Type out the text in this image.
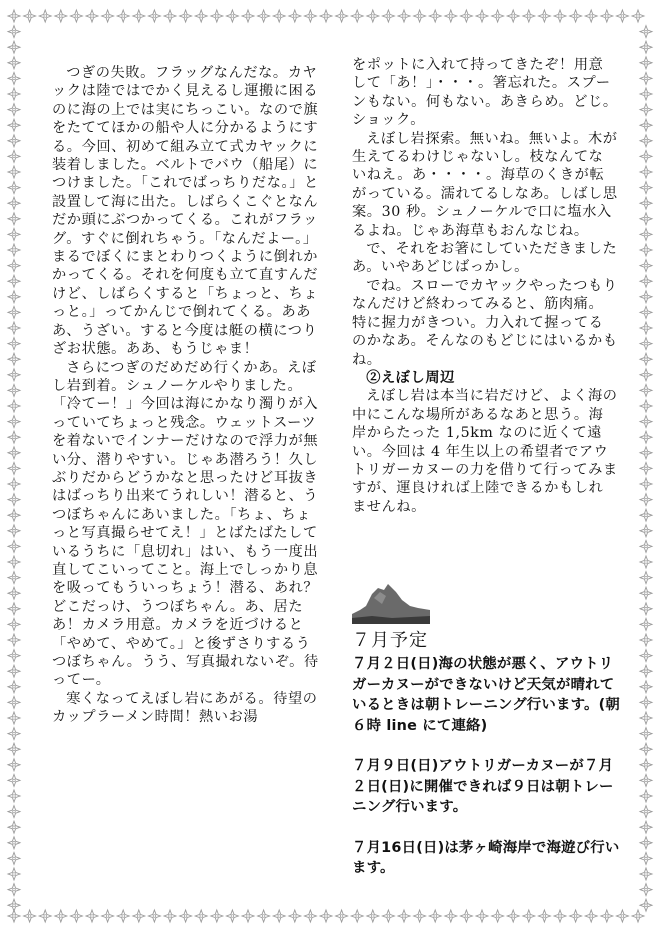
つぎの失敗。フラッグなんだな。カヤックは陸ではでかく見えるし運搬に困るのに海の上では実にちっこい。なので旗をたててほかの船や人に分かるようにする。今回、初めて組み立て式カヤックに装着しました。ベルトでバウ（船尾）につけました。「これでばっちりだな。」と設置して海に出た。しばらくこぐとなんだか頭にぶつかってくる。これがフラッグ。すぐに倒れちゃう。「なんだよー。」まるでぼくにまとわりつくように倒れかかってくる。それを何度も立て直すんだけど、しばらくすると「ちょっと、ちょっと。」ってかんじで倒れてくる。あああ、うざい。すると今度は艇の横につりざお状態。ああ、もうじゃま！

さらにつぎのだめだめ行くかあ。えぼし岩到着。シュノーケルやりました。「冷てー！」今回は海にかなり濁りが入っていてちょっと残念。ウェットスーツを着ないでインナーだけなので浮力が無い分、潜りやすい。じゃあ潜ろう！久しぶりだからどうかなと思ったけど耳抜きはばっちり出来てうれしい！潜ると、うつぼちゃんにあいました。「ちょ、ちょっと写真撮らせてえ！」とばたばたしているうちに「息切れ」はい、もう一度出直してこいってこと。海上でしっかり息を吸ってもういっちょう！潜る、あれ？どこだっけ、うつぼちゃん。あ、居たあ！カメラ用意。カメラを近づけると「やめて、やめて。」と後ずさりするうつぼちゃん。うう、写真撮れないぞ。待ってー。

寒くなってえぼし岩にあがる。待望のカップラーメン時間！熱いお湯

をポットに入れて持ってきたぞ！用意して「あ！」・・・。箸忘れた。スプーンもない。何もない。あきらめ。どじ。ショック。

えぼし岩探索。無いね。無いよ。木が生えてるわけじゃないし。枝なんてないねえ。あ・・・・。海草のくきが転がっている。濡れてるしなあ。しばし思案。30 秒。シュノーケルで口に塩水入るよね。じゃあ海草もおんなじね。

で、それをお箸にしていただきましたあ。いやあどじばっかし。

でね。スローでカヤックやったつもりなんだけど終わってみると、筋肉痛。特に握力がきつい。力入れて握ってるのかなあ。そんなのもどじにはいるかもね。

②えぼし周辺

えぼし岩は本当に岩だけど、よく海の中にこんな場所があるなあと思う。海岸からたった 1,5km なのに近くて遠い。今回は 4 年生以上の希望者でアウトリガーカヌーの力を借りて行ってみますが、運良ければ上陸できるかもしれませんね。

７月予定

７月２日(日)海の状態が悪く、アウトリガーカヌーができないけど天気が晴れているときは朝トレーニング行います。(朝６時 line にて連絡)

７月９日(日)アウトリガーカヌーが７月２日(日)に開催できれば９日は朝トレーニング行います。

７月16日(日)は茅ヶ崎海岸で海遊び行います。
